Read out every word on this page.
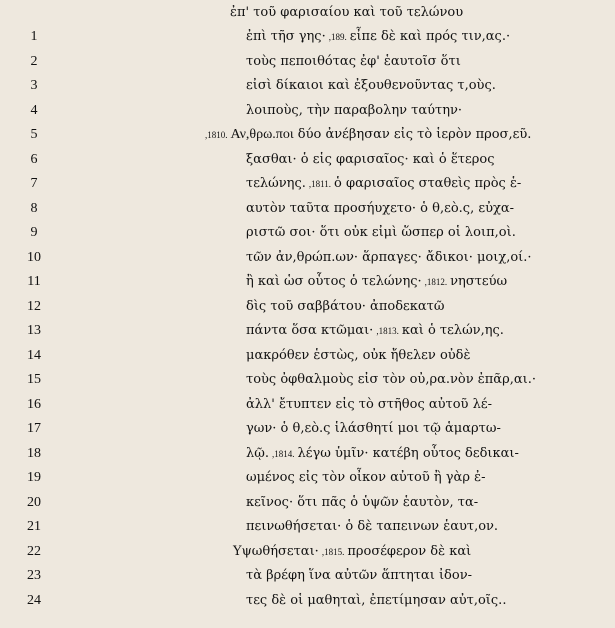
ἐπ' τοῦ φαρισαίου καὶ τοῦ τελώνου
1	ἐπὶ τῆσ γης· ,189. εἶπε δὲ καὶ πρός τιν,ας.·
2	τοὺς πεποιθότας ἐφ' ἑαυτοῖσ ὅτι
3	εἰσὶ δίκαιοι καὶ ἐξουθενοῦντας τ,οὺς.
4	λοιποὺς, τὴν παραβολην ταύτην·
5	,1810. Αν,θρω.ποι δύο ἀνέβησαν εἰς τὸ ἱερὸν προσ,εῦ.
6	ξασθαι· ὁ εἱς φαρισαῖος· καὶ ὁ ἕτερος
7	τελώνης. ,1811. ὁ φαρισαῖος σταθεὶς πρὸς ἑ-
8	αυτὸν ταῦτα προσήυχετο· ὁ θ,εὸ.ς, εὐχα-
9	ριστῶ σοι· ὅτι οὐκ εἰμὶ ὥσπερ οἱ λοιπ,οὶ.
10	τῶν ἀν,θρώπ.ων· ἅρπαγες· ἄδικοι· μοιχ,οί.·
11	ἢ καὶ ὡσ οὗτος ὁ τελώνης· ,1812. νηστεύω
12	δὶς τοῦ σαββάτου· ἀποδεκατῶ
13	πάντα ὅσα κτῶμαι· ,1813. καὶ ὁ τελών,ης.
14	μακρόθεν ἑστὼς, οὐκ ἤθελεν οὐδὲ
15	τοὺς ὀφθαλμοὺς εἰσ τὸν οὐ,ρα.νὸν ἐπᾶρ,αι.·
16	ἀλλ' ἔτυπτεν εἰς τὸ στῆθος αὐτοῦ λέ-
17	γων· ὁ θ,εὸ.ς ἱλάσθητί μοι τῷ ἁμαρτω-
18	λῷ. ,1814. λέγω ὑμῖν· κατέβη οὗτος δεδικαι-
19	ωμένος εἰς τὸν οἶκον αὐτοῦ ἢ γὰρ ἐ-
20	κεῖνος· ὅτι πᾶς ὁ ὑψῶν ἑαυτὸν, τα-
21	πεινωθήσεται· ὁ δὲ ταπεινων ἑαυτ,ον.
22	Υψωθήσεται· ,1815. προσέφερον δὲ καὶ
23	τὰ βρέφη ἵνα αὐτῶν ἅπτηται ἰδον-
24	τες δὲ οἱ μαθηταὶ, ἐπετίμησαν αὐτ,οῖς..
